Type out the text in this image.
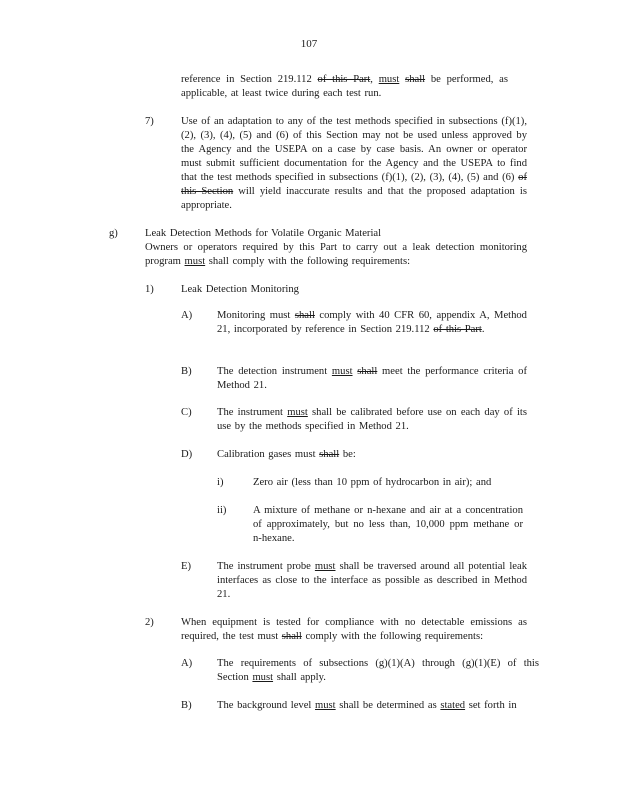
107
reference in Section 219.112 of this Part, must shall be performed, as applicable, at least twice during each test run.
7)	Use of an adaptation to any of the test methods specified in subsections (f)(1), (2), (3), (4), (5) and (6) of this Section may not be used unless approved by the Agency and the USEPA on a case by case basis. An owner or operator must submit sufficient documentation for the Agency and the USEPA to find that the test methods specified in subsections (f)(1), (2), (3), (4), (5) and (6) of this Section will yield inaccurate results and that the proposed adaptation is appropriate.
g)	Leak Detection Methods for Volatile Organic Material
Owners or operators required by this Part to carry out a leak detection monitoring program must shall comply with the following requirements:
1)	Leak Detection Monitoring
A) Monitoring must shall comply with 40 CFR 60, appendix A, Method 21, incorporated by reference in Section 219.112 of this Part.
B) The detection instrument must shall meet the performance criteria of Method 21.
C) The instrument must shall be calibrated before use on each day of its use by the methods specified in Method 21.
D) Calibration gases must shall be:
i)	Zero air (less than 10 ppm of hydrocarbon in air); and
ii)	A mixture of methane or n-hexane and air at a concentration of approximately, but no less than, 10,000 ppm methane or n-hexane.
E) The instrument probe must shall be traversed around all potential leak interfaces as close to the interface as possible as described in Method 21.
2)	When equipment is tested for compliance with no detectable emissions as required, the test must shall comply with the following requirements:
A) The requirements of subsections (g)(1)(A) through (g)(1)(E) of this Section must shall apply.
B) The background level must shall be determined as stated set forth in
